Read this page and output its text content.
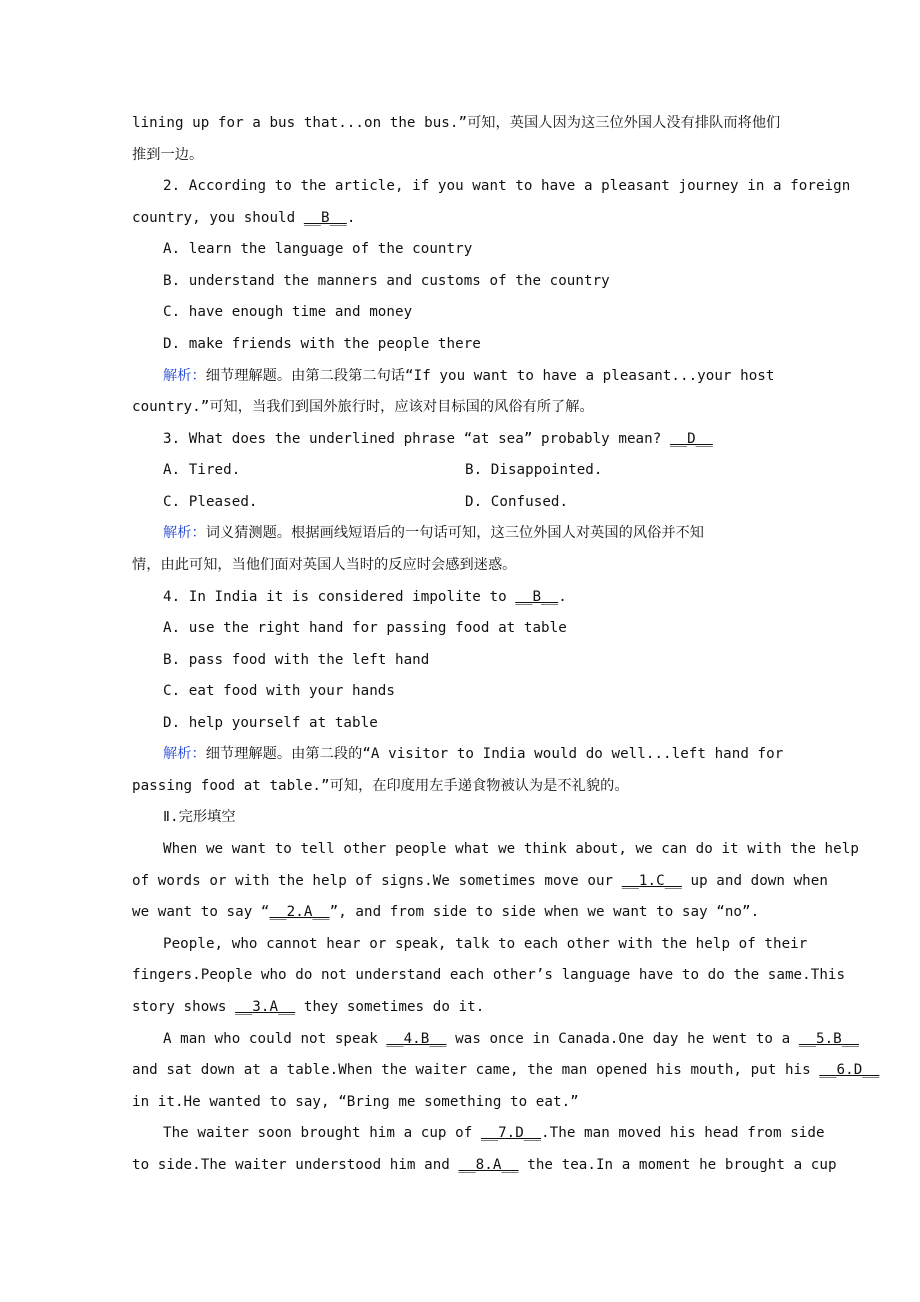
lining up for a bus that...on the bus.”可知，英国人因为这三位外国人没有排队而将他们
推到一边。
2. According to the article, if you want to have a pleasant journey in a foreign
country, you should __B__.
A. learn the language of the country
B. understand the manners and customs of the country
C. have enough time and money
D. make friends with the people there
解析：细节理解题。由第二段第二句话“If you want to have a pleasant...your host
country.”可知，当我们到国外旅行时，应该对目标国的风俗有所了解。
3. What does the underlined phrase “at sea” probably mean? __D__
A. Tired.	B. Disappointed.
C. Pleased.	D. Confused.
解析：词义猜测题。根据画线短语后的一句话可知，这三位外国人对英国的风俗并不知
情，由此可知，当他们面对英国人当时的反应时会感到迷惑。
4. In India it is considered impolite to __B__.
A. use the right hand for passing food at table
B. pass food with the left hand
C. eat food with your hands
D. help yourself at table
解析：细节理解题。由第二段的“A visitor to India would do well...left hand for
passing food at table.”可知，在印度用左手递食物被认为是不礼貌的。
Ⅱ.完形填空
When we want to tell other people what we think about, we can do it with the help
of words or with the help of signs.We sometimes move our __1.C__ up and down when
we want to say “__2.A__”, and from side to side when we want to say “no”.
People, who cannot hear or speak, talk to each other with the help of their
fingers.People who do not understand each other’s language have to do the same.This
story shows __3.A__ they sometimes do it.
A man who could not speak __4.B__ was once in Canada.One day he went to a __5.B__
and sat down at a table.When the waiter came, the man opened his mouth, put his __6.D__
in it.He wanted to say, “Bring me something to eat.”
The waiter soon brought him a cup of __7.D__.The man moved his head from side
to side.The waiter understood him and __8.A__ the tea.In a moment he brought a cup
